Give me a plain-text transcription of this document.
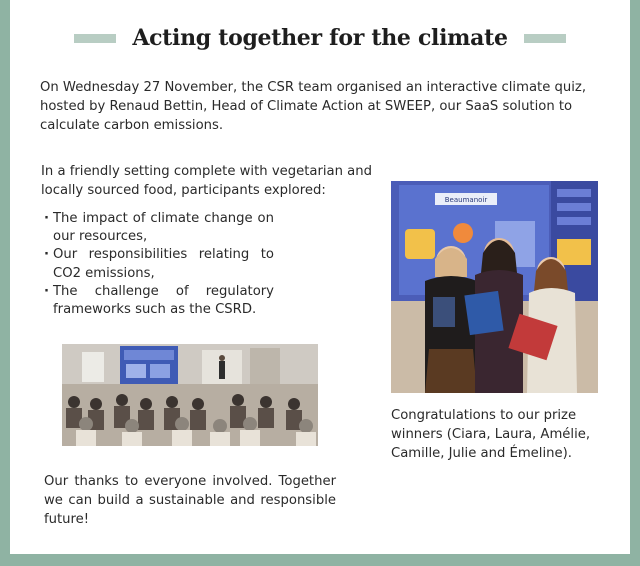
Acting together for the climate

On Wednesday 27 November, the CSR team organised an interactive climate quiz, hosted by Renaud Bettin, Head of Climate Action at SWEEP, our SaaS solution to calculate carbon emissions.

In a friendly setting complete with vegetarian and locally sourced food, participants explored:

· The impact of climate change on our resources,
· Our responsibilities relating to CO2 emissions,
· The challenge of regulatory frameworks such as the CSRD.
Beaumanoir

Congratulations to our prize winners (Ciara, Laura, Amélie, Camille, Julie and Émeline).

Our thanks to everyone involved. Together we can build a sustainable and responsible future!
